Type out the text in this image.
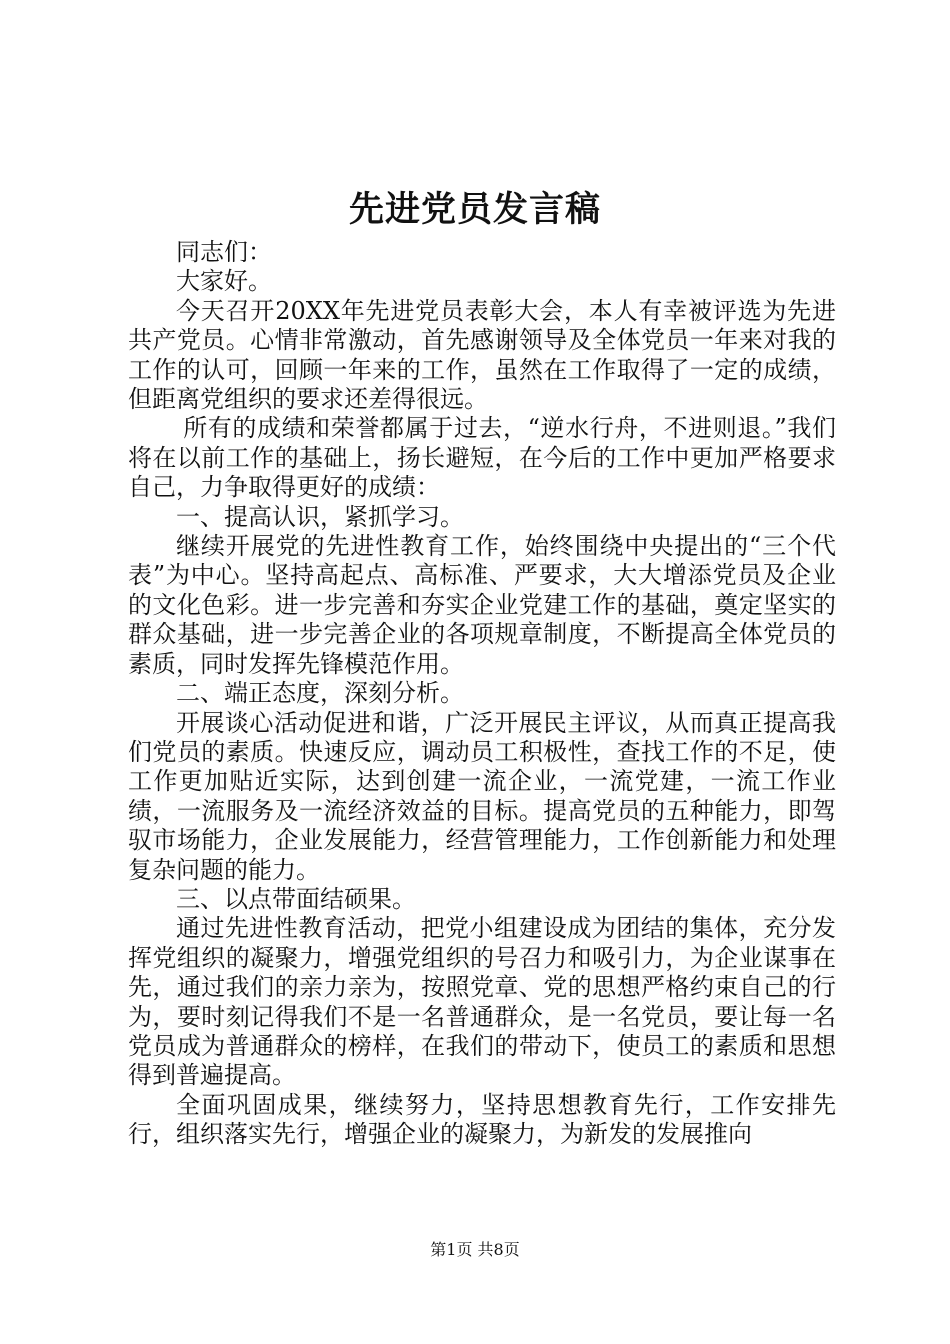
先进党员发言稿

同志们：

大家好。

今天召开20XX年先进党员表彰大会，本人有幸被评选为先进共产党员。心情非常激动，首先感谢领导及全体党员一年来对我的工作的认可，回顾一年来的工作，虽然在工作取得了一定的成绩，但距离党组织的要求还差得很远。

所有的成绩和荣誉都属于过去，“逆水行舟，不进则退。”我们将在以前工作的基础上，扬长避短，在今后的工作中更加严格要求自己，力争取得更好的成绩：

一、提高认识，紧抓学习。

继续开展党的先进性教育工作，始终围绕中央提出的“三个代表”为中心。坚持高起点、高标准、严要求，大大增添党员及企业的文化色彩。进一步完善和夯实企业党建工作的基础，奠定坚实的群众基础，进一步完善企业的各项规章制度，不断提高全体党员的素质，同时发挥先锋模范作用。

二、端正态度，深刻分析。

开展谈心活动促进和谐，广泛开展民主评议，从而真正提高我们党员的素质。快速反应，调动员工积极性，查找工作的不足，使工作更加贴近实际，达到创建一流企业，一流党建，一流工作业绩，一流服务及一流经济效益的目标。提高党员的五种能力，即驾驭市场能力，企业发展能力，经营管理能力，工作创新能力和处理复杂问题的能力。

三、以点带面结硕果。

通过先进性教育活动，把党小组建设成为团结的集体，充分发挥党组织的凝聚力，增强党组织的号召力和吸引力，为企业谋事在先，通过我们的亲力亲为，按照党章、党的思想严格约束自己的行为，要时刻记得我们不是一名普通群众，是一名党员，要让每一名党员成为普通群众的榜样，在我们的带动下，使员工的素质和思想得到普遍提高。

全面巩固成果，继续努力，坚持思想教育先行，工作安排先行，组织落实先行，增强企业的凝聚力，为新发的发展推向

第1页 共8页
